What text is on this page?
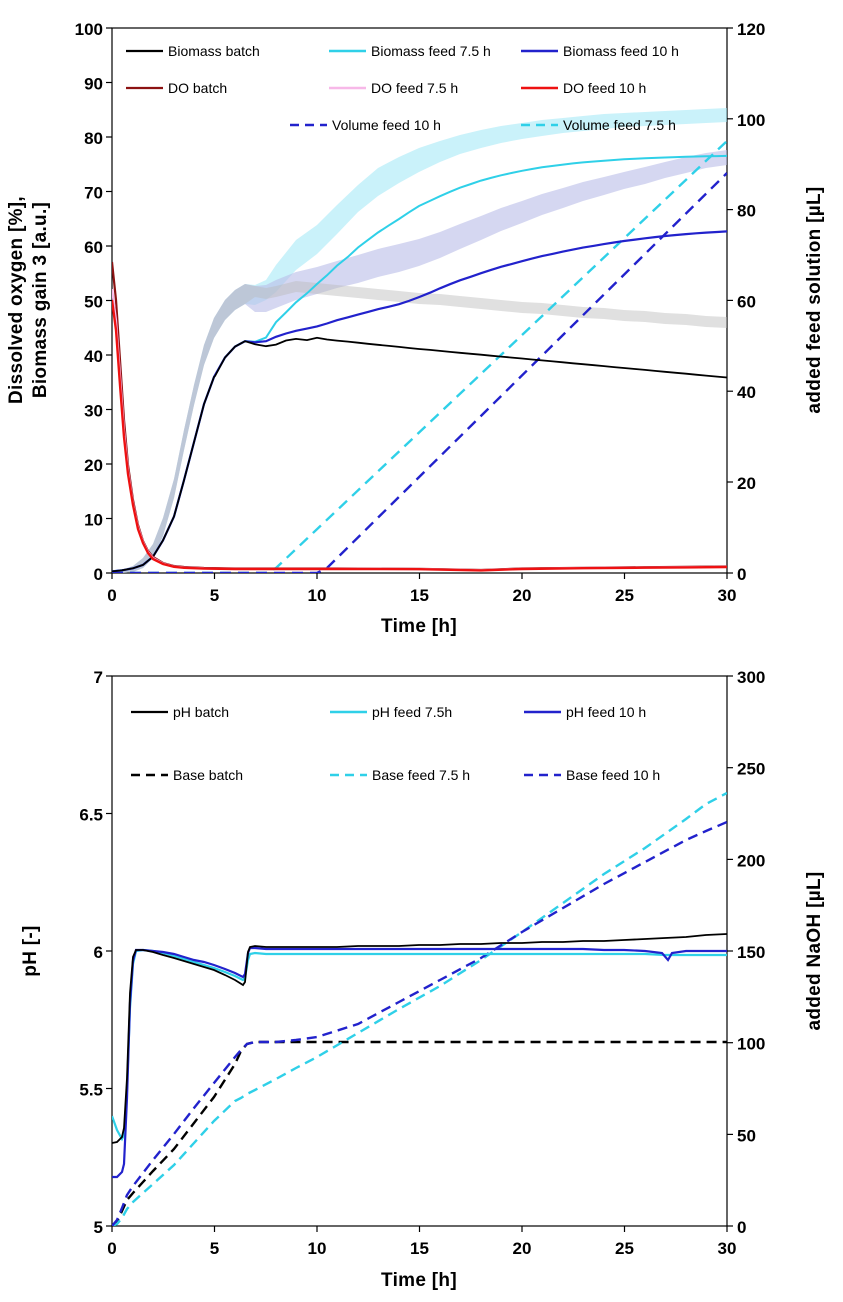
100
90
80
70
60
50
40
30
20
10
0
120
100
80
60
40
20
0
0	5	10	15	20	25	30
Dissolved oxygen [%], Biomass gain 3 [a.u.]	added feed solution [µL]
Time [h]
Biomass batch	Biomass feed 7.5 h	Biomass feed 10 h
DO batch	DO feed 7.5 h	DO feed 10 h
Volume feed 10 h	Volume feed 7.5 h
7
6.5
6
5.5
5
300
250
200
150
100
50
0
0	5	10	15	20	25	30
pH [-]	added NaOH [µL]
Time [h]
pH batch	pH feed 7.5h	pH feed 10 h
Base batch	Base feed 7.5 h	Base feed 10 h
